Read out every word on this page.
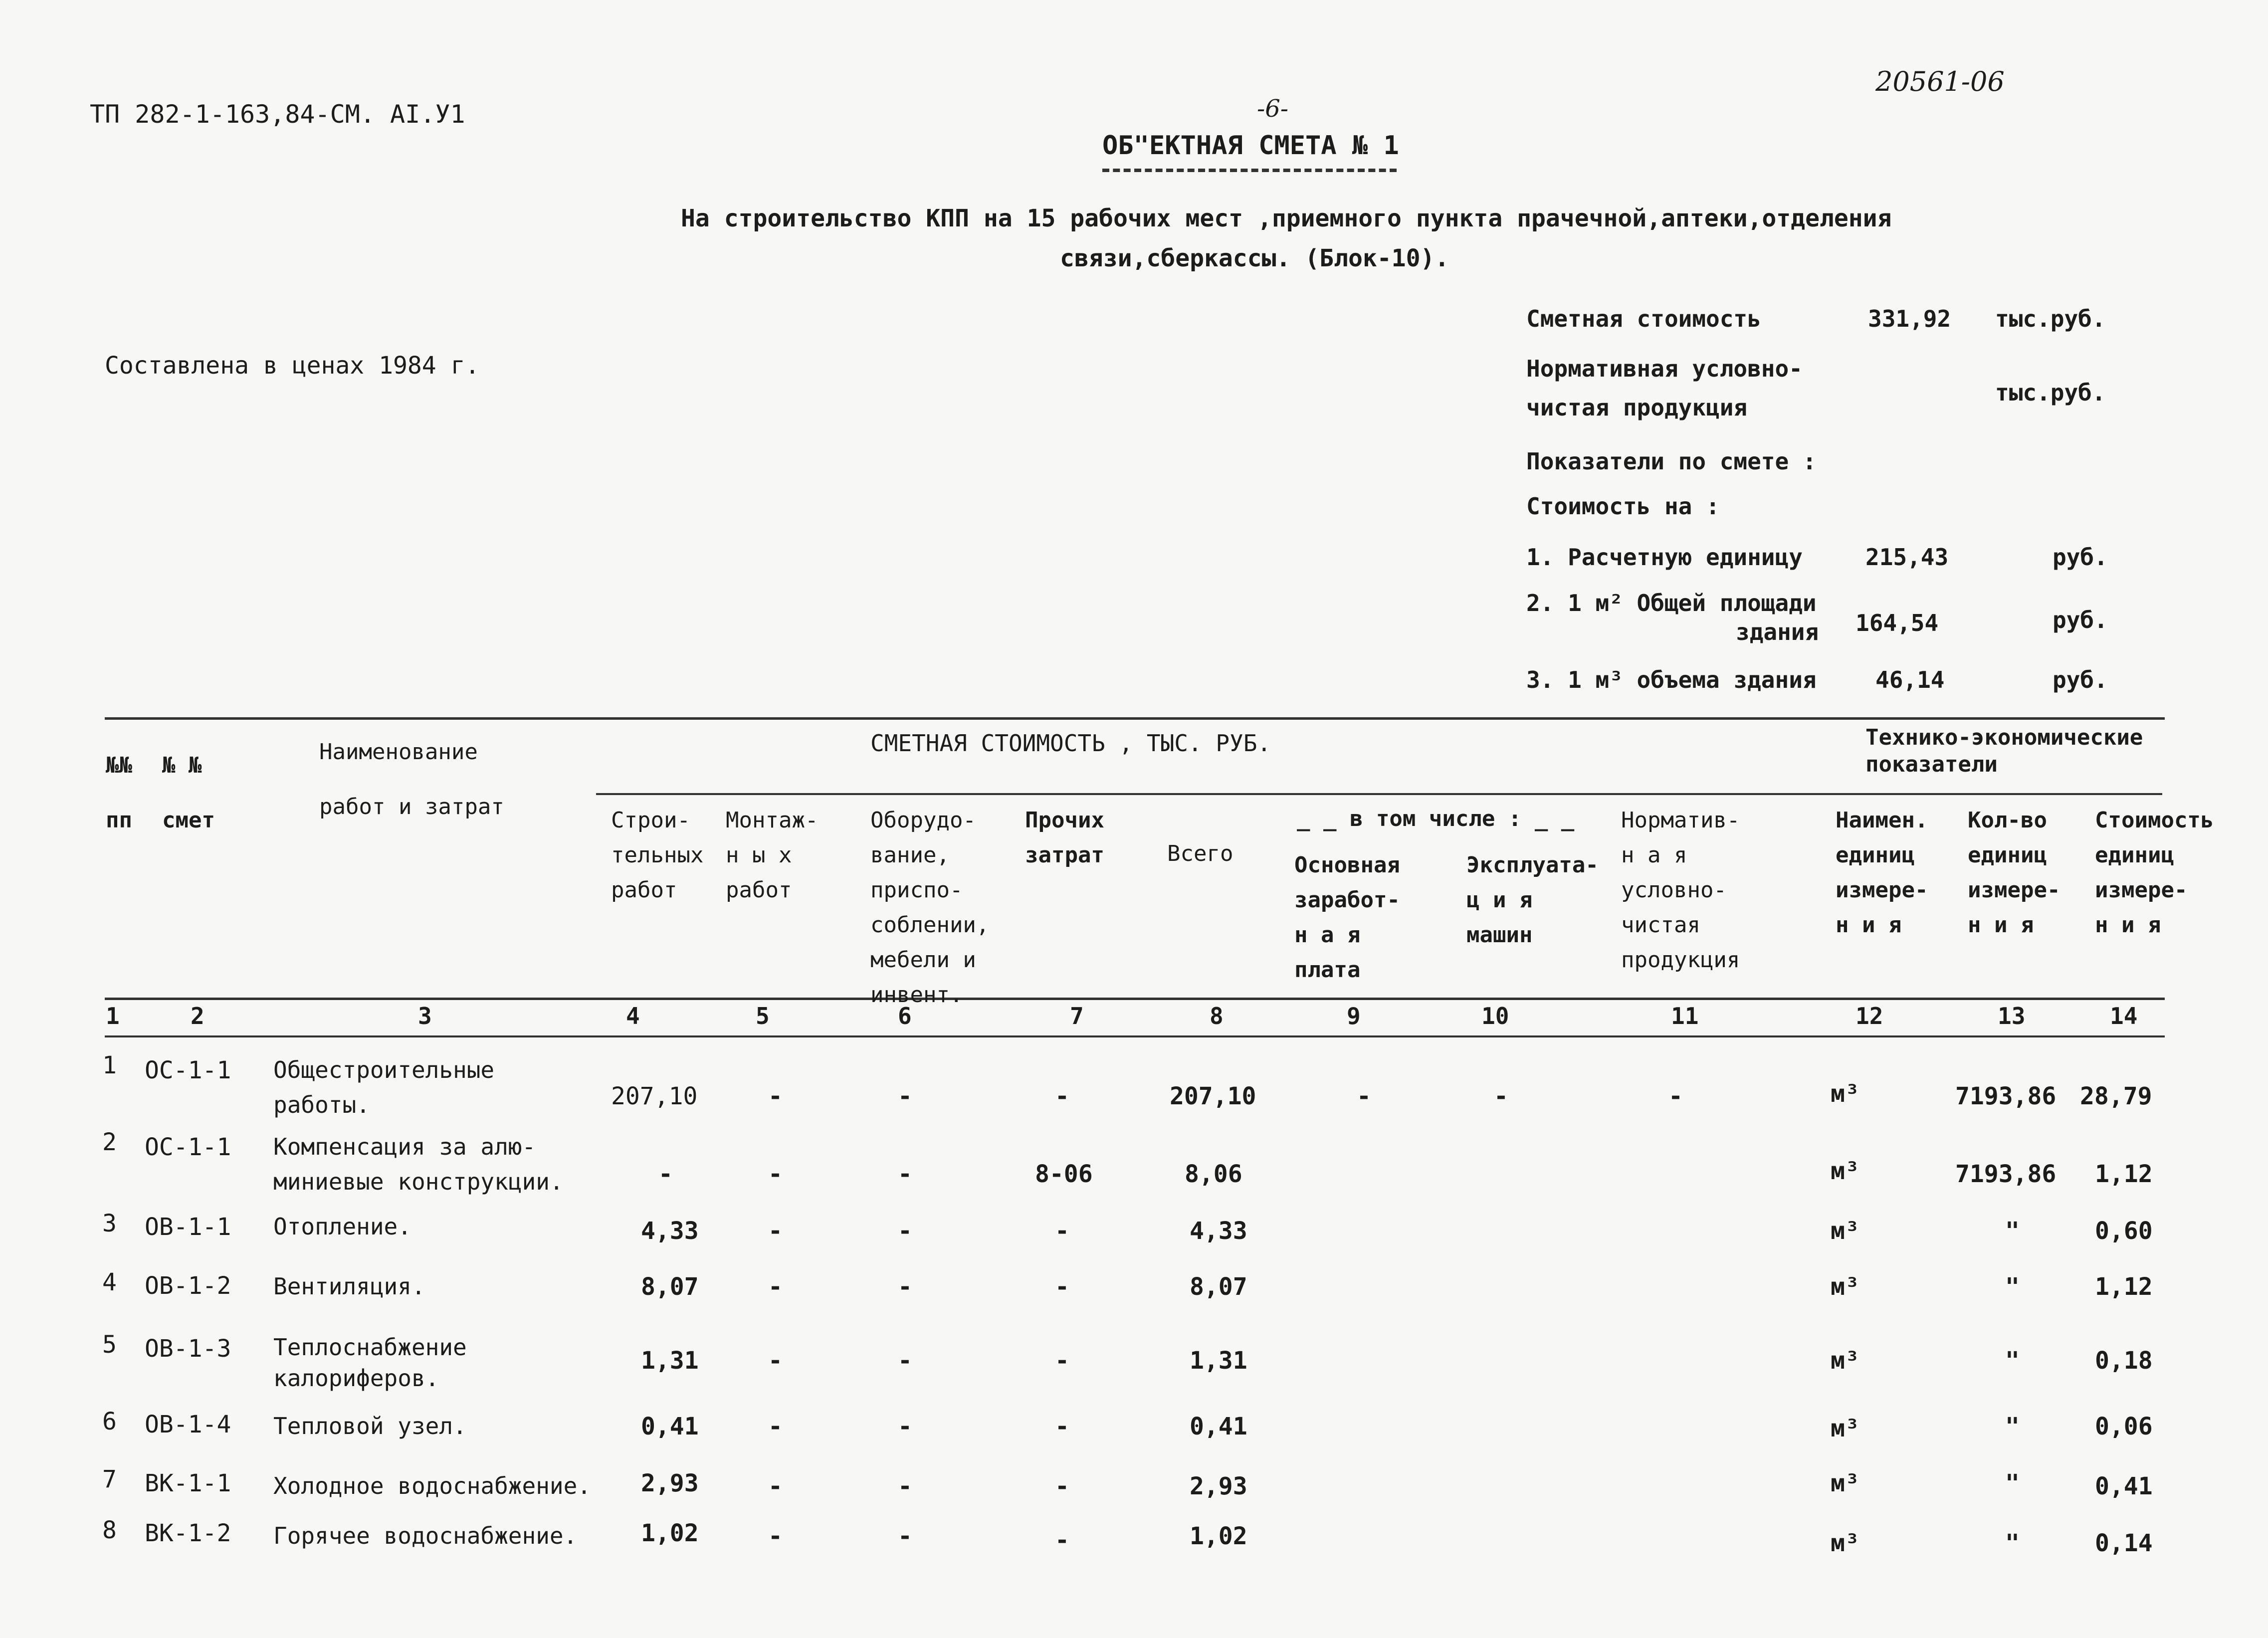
ТП 282-1-163,84-СМ. АI.У1
20561-06
-6-
ОБ"ЕКТНАЯ СМЕТА № 1
На строительство КПП на 15 рабочих мест ,приемного пункта прачечной,аптеки,отделения
связи,сберкассы. (Блок-10).
Составлена в ценах 1984 г.
Сметная стоимость	331,92 тыс.руб.
Нормативная условно-
чистая продукция
тыс.руб.
Показатели по смете :
Стоимость на :
1. Расчетную единицу	215,43	руб.
2. 1 м² Общей площади
здания 164,54	руб.
3. 1 м³ объема здания	46,14	руб.
№№
пп
№ №
смет
Наименование

работ и затрат
СМЕТНАЯ СТОИМОСТЬ , ТЫС. РУБ.	Технико-экономические
показатели
Строи-
тельных
работ
Монтаж-
н ы х
работ
Оборудо-
вание,
приспо-
соблении,
мебели и
инвент.
Прочих
затрат	Всего
_ _ в том числе : _ _
Основная
заработ-
н а я
плата
Эксплуата-
ц и я
машин
Норматив-
н а я
условно-
чистая
продукция
Наимен.
единиц
измере-
н и я
Кол-во
единиц
измере-
н и я
Стоимость
единиц
измере-
н и я
1	2	3	4	5	6	7	8	9	10	11	12	13	14
1 ОС-1-1 Общестроительные
работы.	207,10	-	-	-	207,10	-	-	-	м³	7193,86 28,79
2 ОС-1-1 Компенсация за алю-
миниевые конструкции.	-	-	-	8-06	8,06	м³	7193,86 1,12
3 ОВ-1-1 Отопление.	4,33	-	-	-	4,33	м³	"	0,60
4 ОВ-1-2 Вентиляция.	8,07	-	-	-	8,07	м³	"	1,12
5 ОВ-1-3 Теплоснабжение
калориферов.
1,31	-	-	-	1,31	м³	"	0,18
6 ОВ-1-4 Тепловой узел.	0,41	-	-	-	0,41	м³	"	0,06
7 ВК-1-1 Холодное водоснабжение. 2,93	-	-	-	2,93	м³	"	0,41
8 ВК-1-2 Горячее водоснабжение.	1,02	-	-	-	1,02	м³	"	0,14
